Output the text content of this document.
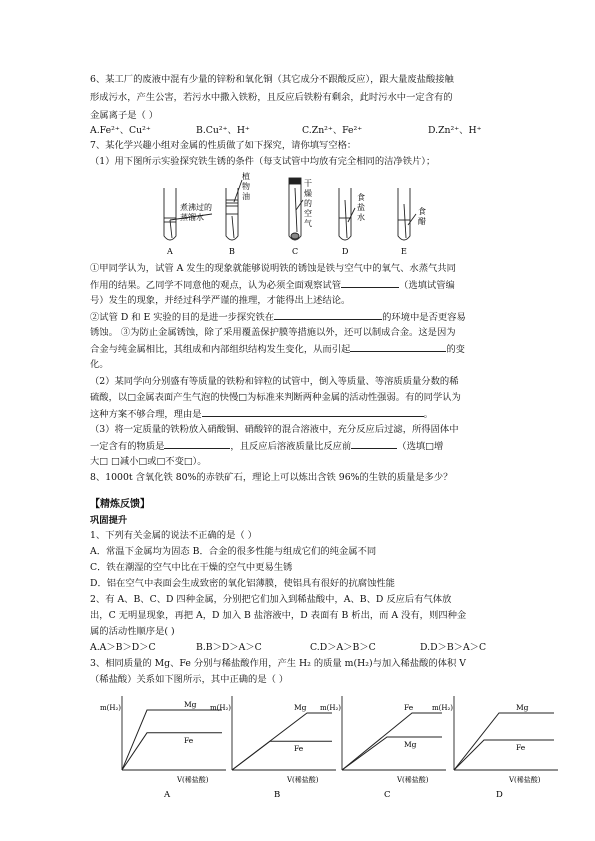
6、某工厂的废液中混有少量的锌粉和氧化铜（其它成分不跟酸反应），跟大量废盐酸接触
形成污水，产生公害，若污水中撒入铁粉，且反应后铁粉有剩余，此时污水中一定含有的
金属离子是（ ）
A.Fe²⁺、Cu²⁺	B.Cu²⁺、H⁺	C.Zn²⁺、Fe²⁺	D.Zn²⁺、H⁺
7、某化学兴趣小组对金属的性质做了如下探究，请你填写空格：
（1）用下图所示实验探究铁生锈的条件（每支试管中均放有完全相同的洁净铁片）；
煮沸过的
蒸馏水
植
物
油
干
燥
的
空
气
食
盐
水
食
醋
A	B	C	D	E
①甲同学认为，试管 A 发生的现象就能够说明铁的锈蚀是铁与空气中的氧气、水蒸气共同
作用的结果。乙同学不同意他的观点，认为必须全面观察试管	（选填试管编
号）发生的现象，并经过科学严谨的推理，才能得出上述结论。
②试管 D 和 E 实验的目的是进一步探究铁在	的环境中是否更容易
锈蚀。 ③为防止金属锈蚀，除了采用覆盖保护膜等措施以外，还可以制成合金。这是因为
合金与纯金属相比，其组成和内部组织结构发生变化，从而引起	的变
化。
（2）某同学向分别盛有等质量的铁粉和锌粒的试管中，倒入等质量、等溶质质量分数的稀
硫酸，以□金属表面产生气泡的快慢□为标准来判断两种金属的活动性强弱。有的同学认为
这种方案不够合理，理由是	。
（3）将一定质量的铁粉放入硝酸铜、硝酸锌的混合溶液中，充分反应后过滤，所得固体中
一定含有的物质是	，且反应后溶液质量比反应前	（选填□增
大□ □减小□或□不变□）。
8、1000t 含氧化铁 80%的赤铁矿石，理论上可以炼出含铁 96%的生铁的质量是多少？
【精炼反馈】
巩固提升
1、下列有关金属的说法不正确的是（ ）
A．常温下金属均为固态 B．合金的很多性能与组成它们的纯金属不同
C．铁在潮湿的空气中比在干燥的空气中更易生锈
D．铝在空气中表面会生成致密的氧化铝薄膜，使铝具有很好的抗腐蚀性能
2、有 A、B、C、D 四种金属，分别把它们加入到稀盐酸中，A、B、D 反应后有气体放
出，C 无明显现象，再把 A，D 加入 B 盐溶液中，D 表面有 B 析出，而 A 没有，则四种金
属的活动性顺序是( )
A.A＞B＞D＞C	B.B＞D＞A＞C	C.D＞A＞B＞C	D.D＞B＞A＞C
3、相同质量的 Mg、Fe 分别与稀盐酸作用，产生 H₂ 的质量 m(H₂)与加入稀盐酸的体积 V
（稀盐酸）关系如下图所示，其中正确的是（ ）
Mg
Fe
m(H₂)
V(稀盐酸)
A
Mg
Fe
m(H₂)
V(稀盐酸)
B
Fe
Mg
m(H₂)
V(稀盐酸)
C
Mg
Fe
m(H₂)
V(稀盐酸)
D
